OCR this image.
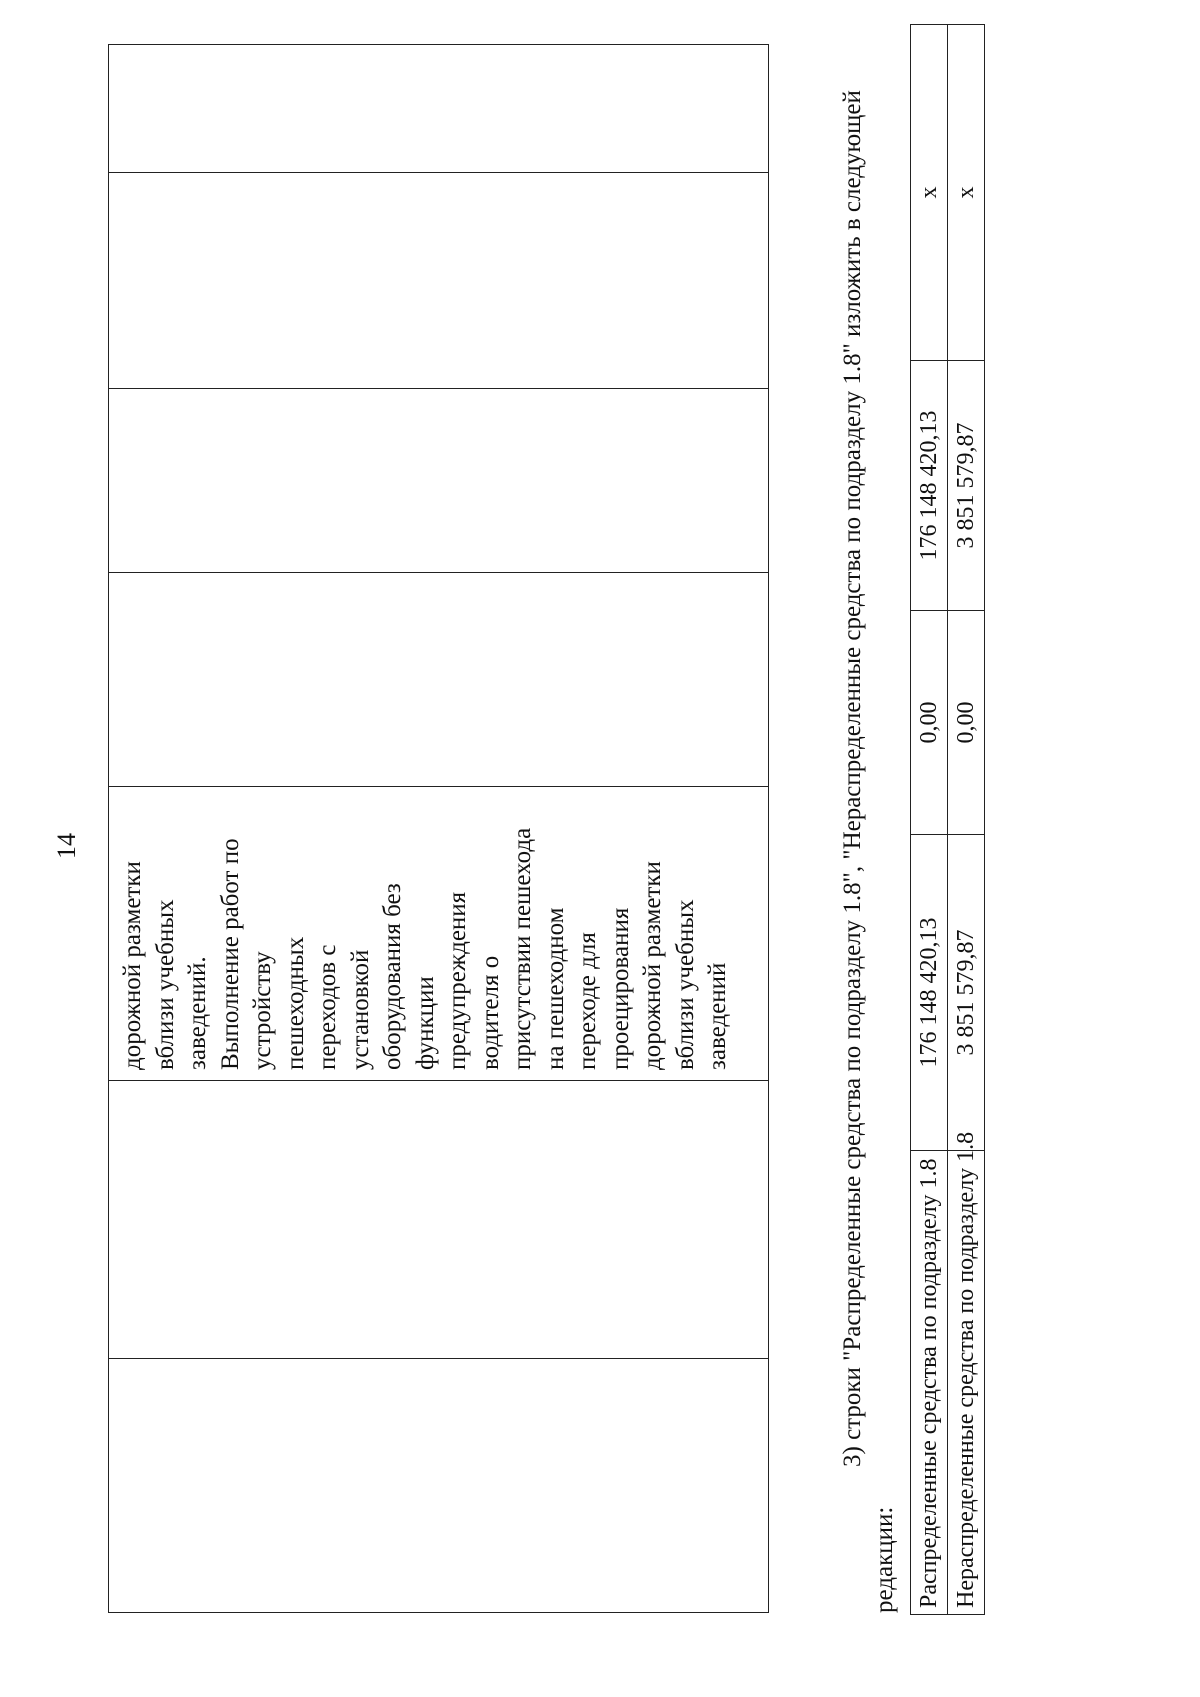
14

дорожной разметки
вблизи учебных
заведений.
Выполнение работ по
устройству
пешеходных
переходов с
установкой
оборудования без
функции
предупреждения
водителя о
присутствии пешехода
на пешеходном
переходе для
проецирования
дорожной разметки
вблизи учебных
заведений

		3) строки "Распределенные средства по подразделу 1.8", "Нераспределенные средства по подразделу 1.8" изложить в следующей редакции: Распределенные средства по подразделу 1.8	176 148 420,13	0,00	176 148 420,13	x
Нераспределенные средства по подразделу 1.8	3 851 579,87	0,00	3 851 579,87	x
